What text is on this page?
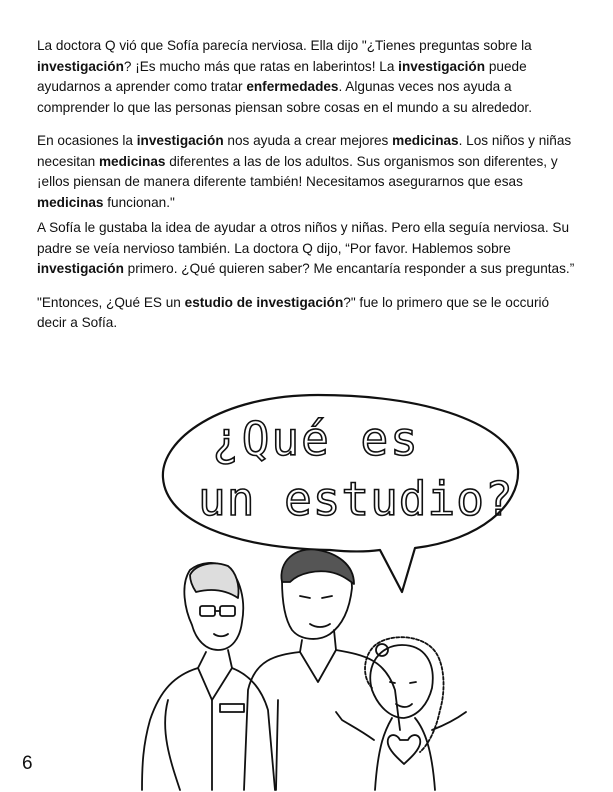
La doctora Q vió que Sofía parecía nerviosa. Ella dijo "¿Tienes preguntas sobre la investigación? ¡Es mucho más que ratas en laberintos! La investigación puede ayudarnos a aprender como tratar enfermedades. Algunas veces nos ayuda a comprender lo que las personas piensan sobre cosas en el mundo a su alrededor.

En ocasiones la investigación nos ayuda a crear mejores medicinas. Los niños y niñas necesitan medicinas diferentes a las de los adultos. Sus organismos son diferentes, y ¡ellos piensan de manera diferente también! Necesitamos asegurarnos que esas medicinas funcionan."

A Sofía le gustaba la idea de ayudar a otros niños y niñas. Pero ella seguía nerviosa. Su padre se veía nervioso también. La doctora Q dijo, “Por favor. Hablemos sobre investigación primero. ¿Qué quieren saber? Me encantaría responder a sus preguntas.”

"Entonces, ¿Qué ES un estudio de investigación?" fue lo primero que se le occurió decir a Sofía.

¿Qué es
un estudio?
6
